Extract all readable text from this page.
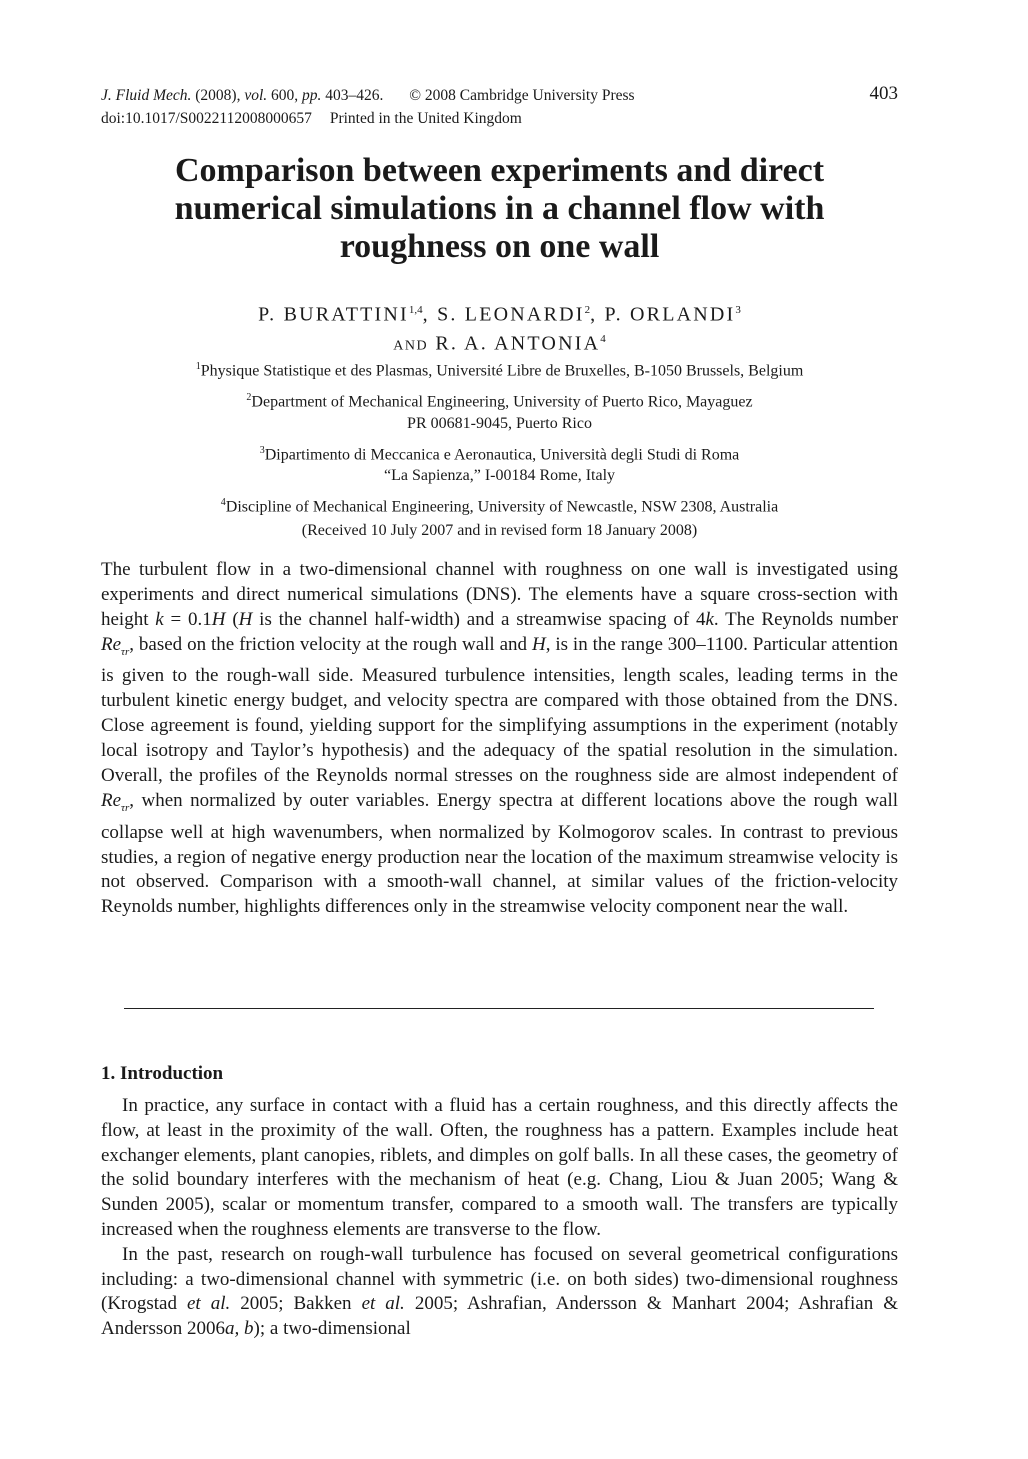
403
J. Fluid Mech. (2008), vol. 600, pp. 403–426. © 2008 Cambridge University Press
doi:10.1017/S0022112008000657 Printed in the United Kingdom
Comparison between experiments and direct numerical simulations in a channel flow with roughness on one wall
P. BURATTINI$^{1,4}$, S. LEONARDI$^2$, P. ORLANDI$^3$
AND R. A. ANTONIA$^4$
$^1$Physique Statistique et des Plasmas, Université Libre de Bruxelles, B-1050 Brussels, Belgium
$^2$Department of Mechanical Engineering, University of Puerto Rico, Mayaguez
PR 00681-9045, Puerto Rico
$^3$Dipartimento di Meccanica e Aeronautica, Università degli Studi di Roma
“La Sapienza,” I-00184 Rome, Italy
$^4$Discipline of Mechanical Engineering, University of Newcastle, NSW 2308, Australia
(Received 10 July 2007 and in revised form 18 January 2008)

The turbulent flow in a two-dimensional channel with roughness on one wall is investigated using experiments and direct numerical simulations (DNS). The elements have a square cross-section with height k = 0.1H (H is the channel half-width) and a streamwise spacing of 4k. The Reynolds number $Re_{\tau r}$, based on the friction velocity at the rough wall and H, is in the range 300–1100. Particular attention is given to the rough-wall side. Measured turbulence intensities, length scales, leading terms in the turbulent kinetic energy budget, and velocity spectra are compared with those obtained from the DNS. Close agreement is found, yielding support for the simplifying assumptions in the experiment (notably local isotropy and Taylor’s hypothesis) and the adequacy of the spatial resolution in the simulation. Overall, the profiles of the Reynolds normal stresses on the roughness side are almost independent of $Re_{\tau r}$, when normalized by outer variables. Energy spectra at different locations above the rough wall collapse well at high wavenumbers, when normalized by Kolmogorov scales. In contrast to previous studies, a region of negative energy production near the location of the maximum streamwise velocity is not observed. Comparison with a smooth-wall channel, at similar values of the friction-velocity Reynolds number, highlights differences only in the streamwise velocity component near the wall.

1. Introduction

In practice, any surface in contact with a fluid has a certain roughness, and this directly affects the flow, at least in the proximity of the wall. Often, the roughness has a pattern. Examples include heat exchanger elements, plant canopies, riblets, and dimples on golf balls. In all these cases, the geometry of the solid boundary interferes with the mechanism of heat (e.g. Chang, Liou & Juan 2005; Wang & Sunden 2005), scalar or momentum transfer, compared to a smooth wall. The transfers are typically increased when the roughness elements are transverse to the flow.

In the past, research on rough-wall turbulence has focused on several geometrical configurations including: a two-dimensional channel with symmetric (i.e. on both sides) two-dimensional roughness (Krogstad et al. 2005; Bakken et al. 2005; Ashrafian, Andersson & Manhart 2004; Ashrafian & Andersson 2006a, b); a two-dimensional
